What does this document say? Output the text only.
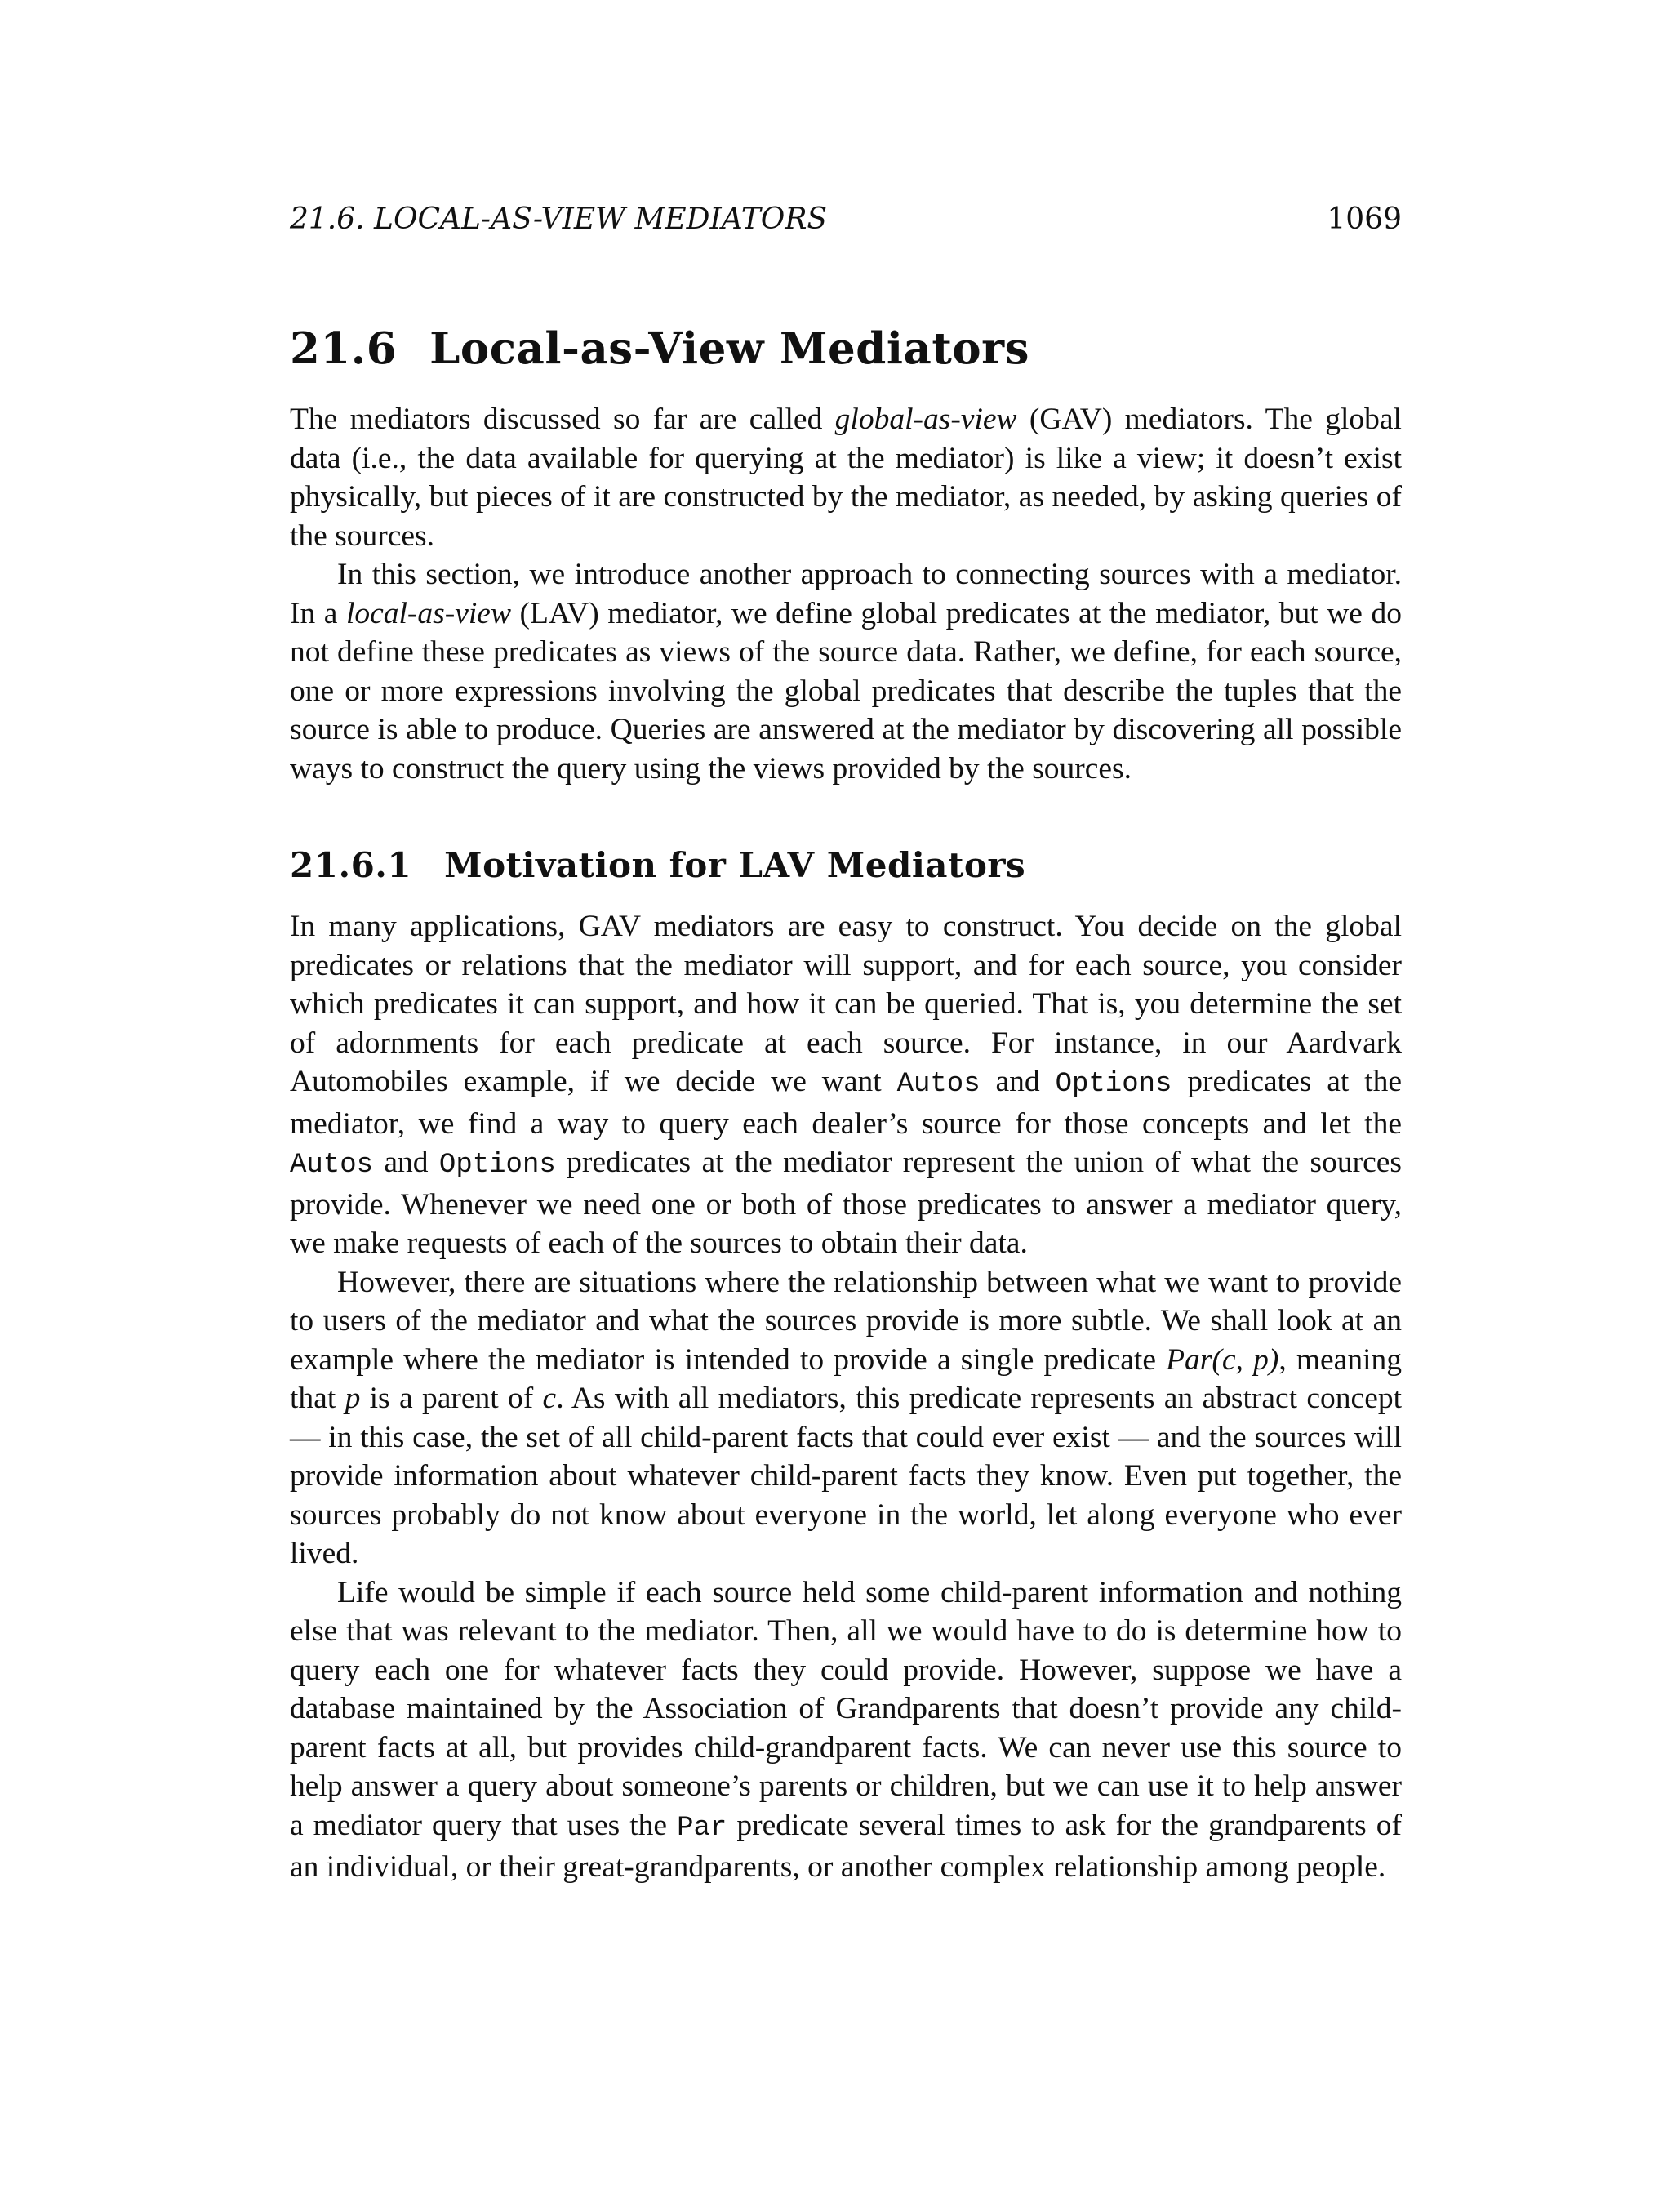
21.6. LOCAL-AS-VIEW MEDIATORS	1069
21.6 Local-as-View Mediators

The mediators discussed so far are called global-as-view (GAV) mediators. The global data (i.e., the data available for querying at the mediator) is like a view; it doesn’t exist physically, but pieces of it are constructed by the mediator, as needed, by asking queries of the sources.

In this section, we introduce another approach to connecting sources with a mediator. In a local-as-view (LAV) mediator, we define global predicates at the mediator, but we do not define these predicates as views of the source data. Rather, we define, for each source, one or more expressions involving the global predicates that describe the tuples that the source is able to produce. Queries are answered at the mediator by discovering all possible ways to construct the query using the views provided by the sources.

21.6.1 Motivation for LAV Mediators

In many applications, GAV mediators are easy to construct. You decide on the global predicates or relations that the mediator will support, and for each source, you consider which predicates it can support, and how it can be queried. That is, you determine the set of adornments for each predicate at each source. For instance, in our Aardvark Automobiles example, if we decide we want Autos and Options predicates at the mediator, we find a way to query each dealer’s source for those concepts and let the Autos and Options predicates at the mediator represent the union of what the sources provide. Whenever we need one or both of those predicates to answer a mediator query, we make requests of each of the sources to obtain their data.

However, there are situations where the relationship between what we want to provide to users of the mediator and what the sources provide is more subtle. We shall look at an example where the mediator is intended to provide a single predicate Par(c, p), meaning that p is a parent of c. As with all mediators, this predicate represents an abstract concept — in this case, the set of all child-parent facts that could ever exist — and the sources will provide information about whatever child-parent facts they know. Even put together, the sources probably do not know about everyone in the world, let along everyone who ever lived.

Life would be simple if each source held some child-parent information and nothing else that was relevant to the mediator. Then, all we would have to do is determine how to query each one for whatever facts they could provide. However, suppose we have a database maintained by the Association of Grandparents that doesn’t provide any child-parent facts at all, but provides child-grandparent facts. We can never use this source to help answer a query about someone’s parents or children, but we can use it to help answer a mediator query that uses the Par predicate several times to ask for the grandparents of an individual, or their great-grandparents, or another complex relationship among people.
